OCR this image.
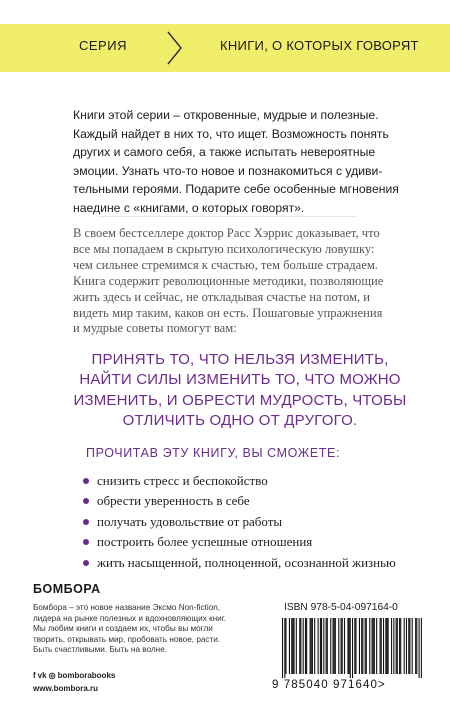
СЕРИЯ	КНИГИ, О КОТОРЫХ ГОВОРЯТ
Книги этой серии – откровенные, мудрые и полезные.
Каждый найдет в них то, что ищет. Возможность понять
других и самого себя, а также испытать невероятные
эмоции. Узнать что-то новое и познакомиться с удиви-
тельными героями. Подарите себе особенные мгновения
наедине с «книгами, о которых говорят».
В своем бестселлере доктор Расс Хэррис доказывает, что
все мы попадаем в скрытую психологическую ловушку:
чем сильнее стремимся к счастью, тем больше страдаем.
Книга содержит революционные методики, позволяющие
жить здесь и сейчас, не откладывая счастье на потом, и
видеть мир таким, каков он есть. Пошаговые упражнения
и мудрые советы помогут вам:
ПРИНЯТЬ ТО, ЧТО НЕЛЬЗЯ ИЗМЕНИТЬ,
НАЙТИ СИЛЫ ИЗМЕНИТЬ ТО, ЧТО МОЖНО
ИЗМЕНИТЬ, И ОБРЕСТИ МУДРОСТЬ, ЧТОБЫ
ОТЛИЧИТЬ ОДНО ОТ ДРУГОГО.
ПРОЧИТАВ ЭТУ КНИГУ, ВЫ СМОЖЕТЕ:
снизить стресс и беспокойство
обрести уверенность в себе
получать удовольствие от работы
построить более успешные отношения
жить насыщенной, полноценной, осознанной жизнью
БОМБОРА
Бомбора – это новое название Эксмо Non-fiction,
лидера на рынке полезных и вдохновляющих книг.
Мы любим книги и создаем их, чтобы вы могли
творить, открывать мир, пробовать новое, расти.
Быть счастливыми. Быть на волне.
f vk ◎ bomborabooks
www.bombora.ru
ISBN 978-5-04-097164-0
9 785040 971640>
